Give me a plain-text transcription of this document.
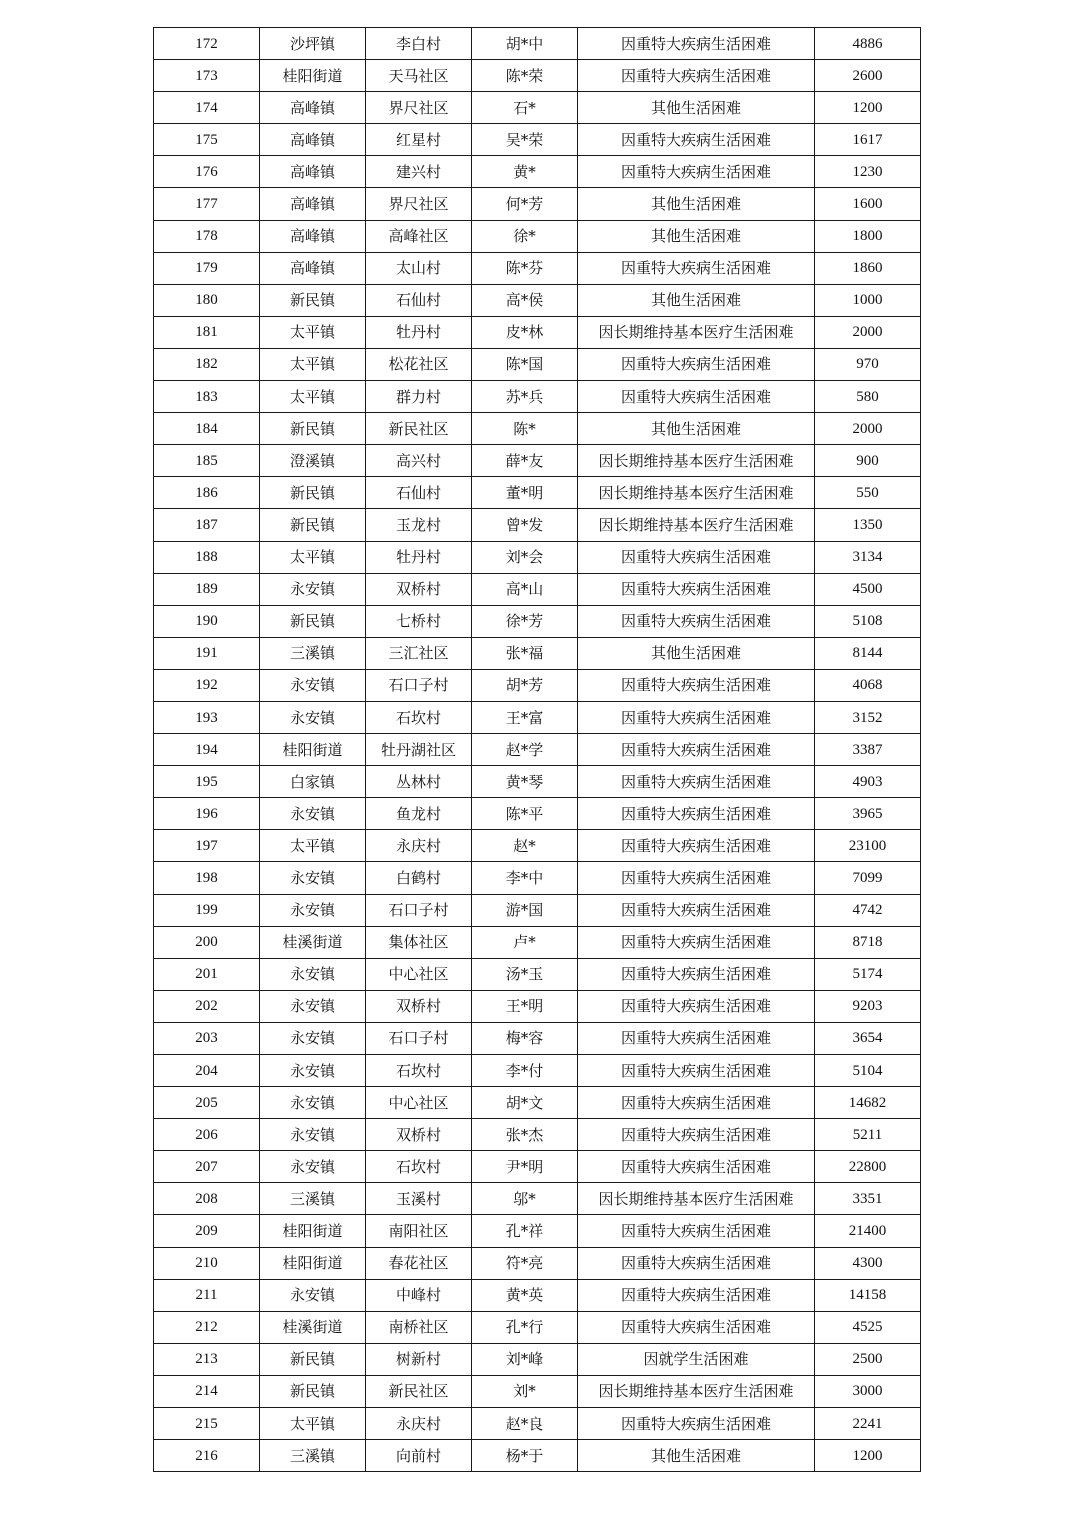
172	沙坪镇	李白村	胡*中	因重特大疾病生活困难	4886
173	桂阳街道	天马社区	陈*荣	因重特大疾病生活困难	2600
174	高峰镇	界尺社区	石*	其他生活困难	1200
175	高峰镇	红星村	吴*荣	因重特大疾病生活困难	1617
176	高峰镇	建兴村	黄*	因重特大疾病生活困难	1230
177	高峰镇	界尺社区	何*芳	其他生活困难	1600
178	高峰镇	高峰社区	徐*	其他生活困难	1800
179	高峰镇	太山村	陈*芬	因重特大疾病生活困难	1860
180	新民镇	石仙村	高*侯	其他生活困难	1000
181	太平镇	牡丹村	皮*林	因长期维持基本医疗生活困难	2000
182	太平镇	松花社区	陈*国	因重特大疾病生活困难	970
183	太平镇	群力村	苏*兵	因重特大疾病生活困难	580
184	新民镇	新民社区	陈*	其他生活困难	2000
185	澄溪镇	高兴村	薛*友	因长期维持基本医疗生活困难	900
186	新民镇	石仙村	董*明	因长期维持基本医疗生活困难	550
187	新民镇	玉龙村	曾*发	因长期维持基本医疗生活困难	1350
188	太平镇	牡丹村	刘*会	因重特大疾病生活困难	3134
189	永安镇	双桥村	高*山	因重特大疾病生活困难	4500
190	新民镇	七桥村	徐*芳	因重特大疾病生活困难	5108
191	三溪镇	三汇社区	张*福	其他生活困难	8144
192	永安镇	石口子村	胡*芳	因重特大疾病生活困难	4068
193	永安镇	石坎村	王*富	因重特大疾病生活困难	3152
194	桂阳街道	牡丹湖社区	赵*学	因重特大疾病生活困难	3387
195	白家镇	丛林村	黄*琴	因重特大疾病生活困难	4903
196	永安镇	鱼龙村	陈*平	因重特大疾病生活困难	3965
197	太平镇	永庆村	赵*	因重特大疾病生活困难	23100
198	永安镇	白鹤村	李*中	因重特大疾病生活困难	7099
199	永安镇	石口子村	游*国	因重特大疾病生活困难	4742
200	桂溪街道	集体社区	卢*	因重特大疾病生活困难	8718
201	永安镇	中心社区	汤*玉	因重特大疾病生活困难	5174
202	永安镇	双桥村	王*明	因重特大疾病生活困难	9203
203	永安镇	石口子村	梅*容	因重特大疾病生活困难	3654
204	永安镇	石坎村	李*付	因重特大疾病生活困难	5104
205	永安镇	中心社区	胡*文	因重特大疾病生活困难	14682
206	永安镇	双桥村	张*杰	因重特大疾病生活困难	5211
207	永安镇	石坎村	尹*明	因重特大疾病生活困难	22800
208	三溪镇	玉溪村	邬*	因长期维持基本医疗生活困难	3351
209	桂阳街道	南阳社区	孔*祥	因重特大疾病生活困难	21400
210	桂阳街道	春花社区	符*亮	因重特大疾病生活困难	4300
211	永安镇	中峰村	黄*英	因重特大疾病生活困难	14158
212	桂溪街道	南桥社区	孔*行	因重特大疾病生活困难	4525
213	新民镇	树新村	刘*峰	因就学生活困难	2500
214	新民镇	新民社区	刘*	因长期维持基本医疗生活困难	3000
215	太平镇	永庆村	赵*良	因重特大疾病生活困难	2241
216	三溪镇	向前村	杨*于	其他生活困难	1200
